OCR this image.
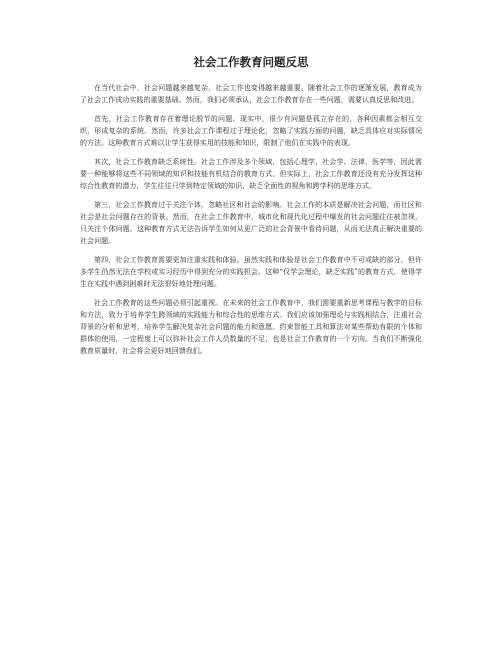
社会工作教育问题反思

在当代社会中，社会问题越来越复杂，社会工作也变得越来越重要。随着社会工作的逐渐发展，教育成为了社会工作成功实践的重要基础。然而，我们必须承认，社会工作教育存在一些问题，需要认真反思和改进。

首先，社会工作教育存在着理论脱节的问题。现实中，很少有问题是孤立存在的，各种因素都会相互交织，形成复杂的系统。然而，许多社会工作课程过于理论化，忽略了实践方面的问题，缺乏具体应对实际情况的方法。这种教育方式难以让学生获得实用的技能和知识，限制了他们在实践中的表现。

其次，社会工作教育缺乏系统性。社会工作涉及多个领域，包括心理学、社会学、法律、医学等，因此需要一种能够将这些不同领域的知识和技能有机结合的教育方式。但实际上，社会工作教育还没有充分发挥这种综合性教育的潜力，学生往往只学到特定领域的知识，缺乏全面性的视角和跨学科的思维方式。

第三，社会工作教育过于关注个体，忽略社区和社会的影响。社会工作的本质是解决社会问题，而社区和社会是社会问题存在的背景。然而，在社会工作教育中，城市化和现代化过程中爆发的社会问题往往被忽视，只关注个体问题。这种教育方式无法告诉学生如何从更广泛的社会背景中看待问题，从而无法真正解决重要的社会问题。

第四，社会工作教育需要更加注重实践和体验。虽然实践和体验是社会工作教育中不可或缺的部分，但许多学生仍然无法在学校或实习经历中得到充分的实践机会。这种“仅学会理论，缺乏实践”的教育方式，使得学生在实践中遇到困难时无法很好地处理问题。

社会工作教育的这些问题必须引起重视。在未来的社会工作教育中，我们需要重新思考课程与教学的目标和方法，致力于培养学生跨领域的实践能力和综合性的思维方式。我们应该加强理论与实践相结合，注重社会背景的分析和思考，培养学生解决复杂社会问题的能力和意愿。约束智能工具和算法对某些帮助有限的个体和群体的使用，一定程度上可以弥补社会工作人员数量的不足，也是社会工作教育的一个方向。当我们不断强化教育质量时，社会将会更好地回馈我们。
